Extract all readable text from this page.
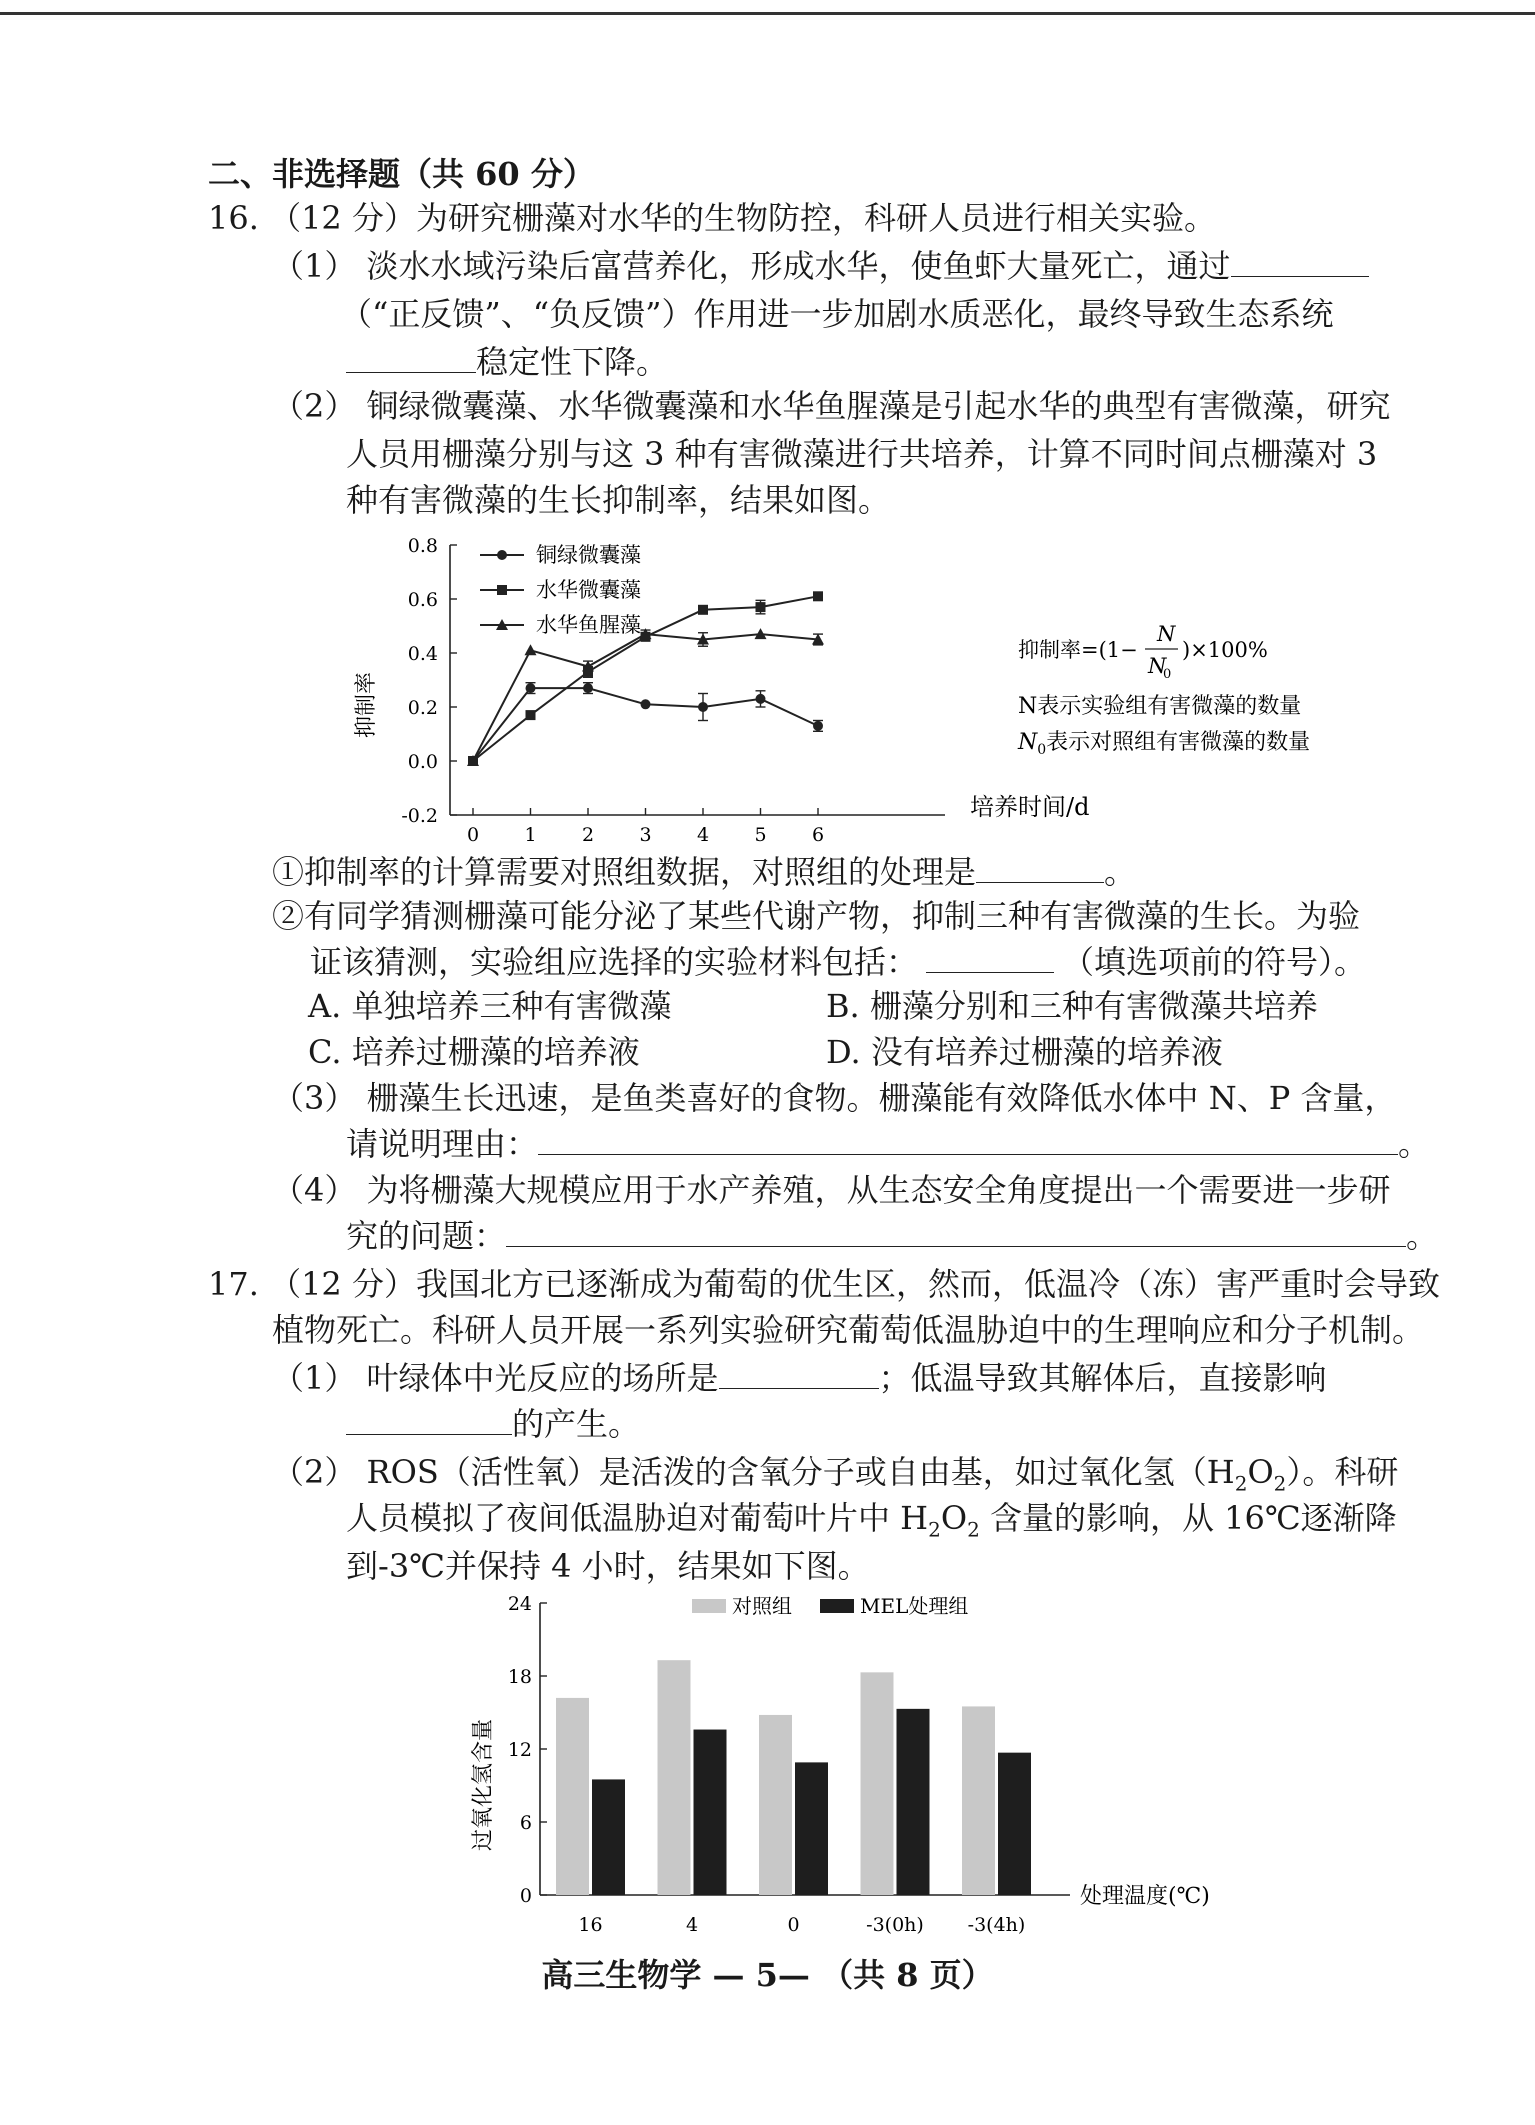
二、非选择题（共 60 分）
16. （12 分）为研究栅藻对水华的生物防控，科研人员进行相关实验。
（1） 淡水水域污染后富营养化，形成水华，使鱼虾大量死亡，通过
（“正反馈”、“负反馈”）作用进一步加剧水质恶化，最终导致生态系统
稳定性下降。
（2） 铜绿微囊藻、水华微囊藻和水华鱼腥藻是引起水华的典型有害微藻，研究
人员用栅藻分别与这 3 种有害微藻进行共培养，计算不同时间点栅藻对 3
种有害微藻的生长抑制率，结果如图。
抑制率
培养时间/d
0.8
0.6
0.4
0.2
0.0
-0.2
0 1 2 3 4 5 6
铜绿微囊藻
水华微囊藻
水华鱼腥藻
抑制率=(1−
N
N
0
)×100%
N表示实验组有害微藻的数量
$N_0$表示对照组有害微藻的数量
①抑制率的计算需要对照组数据，对照组的处理是	。
②有同学猜测栅藻可能分泌了某些代谢产物，抑制三种有害微藻的生长。为验
证该猜测，实验组应选择的实验材料包括：	（填选项前的符号）。
A. 单独培养三种有害微藻	B. 栅藻分别和三种有害微藻共培养
C. 培养过栅藻的培养液	D. 没有培养过栅藻的培养液
（3） 栅藻生长迅速，是鱼类喜好的食物。栅藻能有效降低水体中 N、P 含量，
请说明理由：	。
（4） 为将栅藻大规模应用于水产养殖，从生态安全角度提出一个需要进一步研
究的问题：	。
17. （12 分）我国北方已逐渐成为葡萄的优生区，然而，低温冷（冻）害严重时会导致
植物死亡。科研人员开展一系列实验研究葡萄低温胁迫中的生理响应和分子机制。
（1） 叶绿体中光反应的场所是	；低温导致其解体后，直接影响
的产生。
（2） ROS（活性氧）是活泼的含氧分子或自由基，如过氧化氢$(H_2O_2)$。科研
人员模拟了夜间低温胁迫对葡萄叶片中 $H_2O_2$ 含量的影响，从 16℃逐渐降
到-3℃并保持 4 小时，结果如下图。
过氧化氢含量
处理温度(℃)
24
18
12
6
0
16	4	0	-3(0h) -3(4h)
对照组	MEL处理组
高三生物学 — 5— （共 8 页）
